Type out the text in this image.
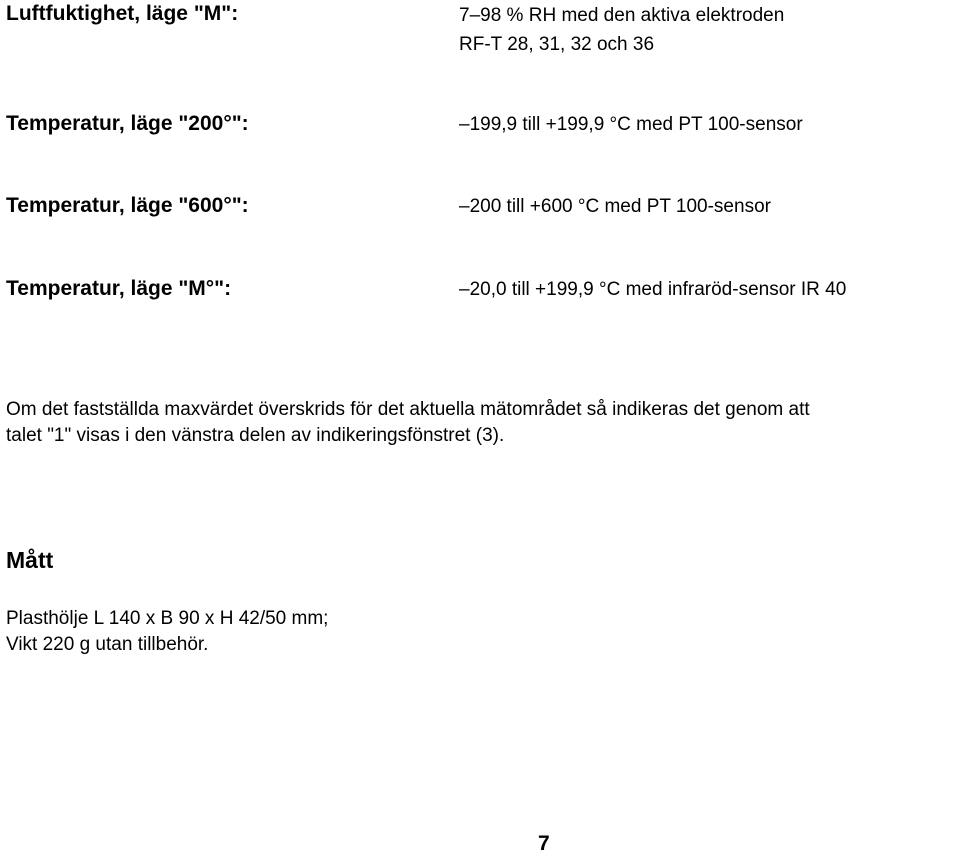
Luftfuktighet, läge "M":	7–98 % RH med den aktiva elektroden
RF-T 28, 31, 32 och 36
Temperatur, läge "200°":	–199,9 till +199,9 °C med PT 100-sensor
Temperatur, läge "600°":	–200 till +600 °C med PT 100-sensor
Temperatur, läge "M°":	–20,0 till +199,9 °C med infraröd-sensor IR 40
Om det fastställda maxvärdet överskrids för det aktuella mätområdet så indikeras det genom att
talet "1" visas i den vänstra delen av indikeringsfönstret (3).
Mått
Plasthölje L 140 x B 90 x H 42/50 mm;
Vikt 220 g utan tillbehör.
7
